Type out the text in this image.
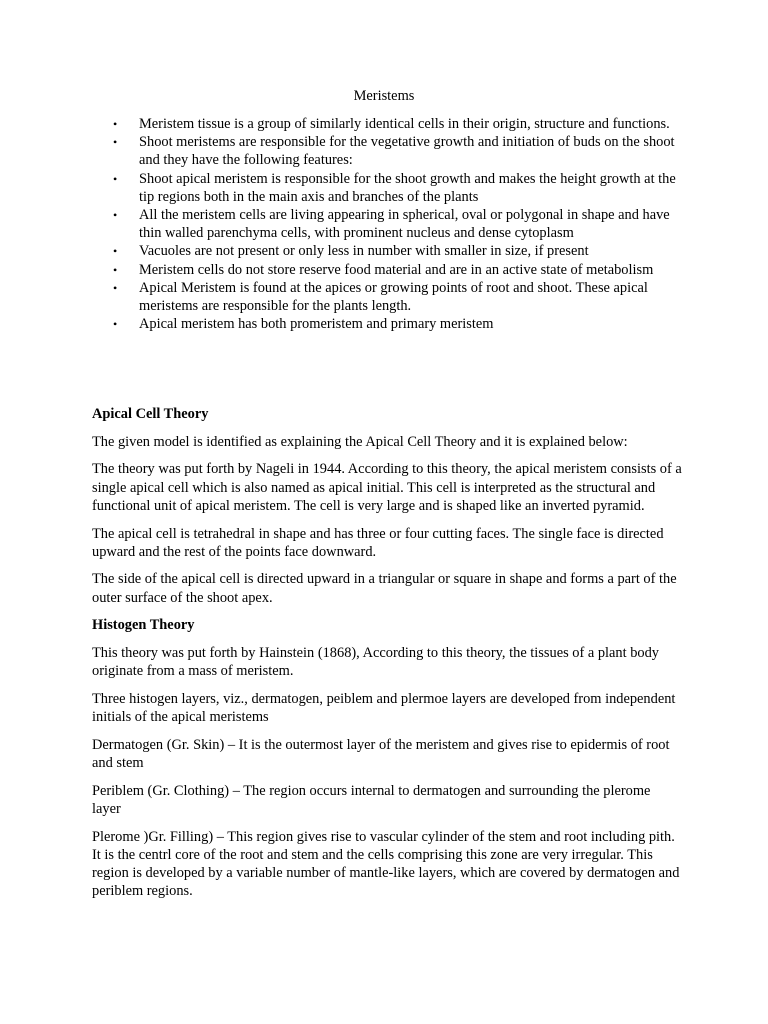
Meristems
• Meristem tissue is a group of similarly identical cells in their origin, structure and functions.
• Shoot meristems are responsible for the vegetative growth and initiation of buds on the shoot and they have the following features:
• Shoot apical meristem is responsible for the shoot growth and makes the height growth at the tip regions both in the main axis and branches of the plants
• All the meristem cells are living appearing in spherical, oval or polygonal in shape and have thin walled parenchyma cells, with prominent nucleus and dense cytoplasm
• Vacuoles are not present or only less in number with smaller in size, if present
• Meristem cells do not store reserve food material and are in an active state of metabolism
• Apical Meristem is found at the apices or growing points of root and shoot. These apical meristems are responsible for the plants length.
• Apical meristem has both promeristem and primary meristem
Apical Cell Theory

The given model is identified as explaining the Apical Cell Theory and it is explained below:

The theory was put forth by Nageli in 1944. According to this theory, the apical meristem consists of a single apical cell which is also named as apical initial. This cell is interpreted as the structural and functional unit of apical meristem. The cell is very large and is shaped like an inverted pyramid.

The apical cell is tetrahedral in shape and has three or four cutting faces. The single face is directed upward and the rest of the points face downward.

The side of the apical cell is directed upward in a triangular or square in shape and forms a part of the outer surface of the shoot apex.

Histogen Theory

This theory was put forth by Hainstein (1868), According to this theory, the tissues of a plant body originate from a mass of meristem.

Three histogen layers, viz., dermatogen, peiblem and plermoe layers are developed from independent initials of the apical meristems

Dermatogen (Gr. Skin) – It is the outermost layer of the meristem and gives rise to epidermis of root and stem

Periblem (Gr. Clothing) – The region occurs internal to dermatogen and surrounding the plerome layer

Plerome )Gr. Filling) – This region gives rise to vascular cylinder of the stem and root including pith. It is the centrl core of the root and stem and the cells comprising this zone are very irregular. This region is developed by a variable number of mantle-like layers, which are covered by dermatogen and periblem regions.
